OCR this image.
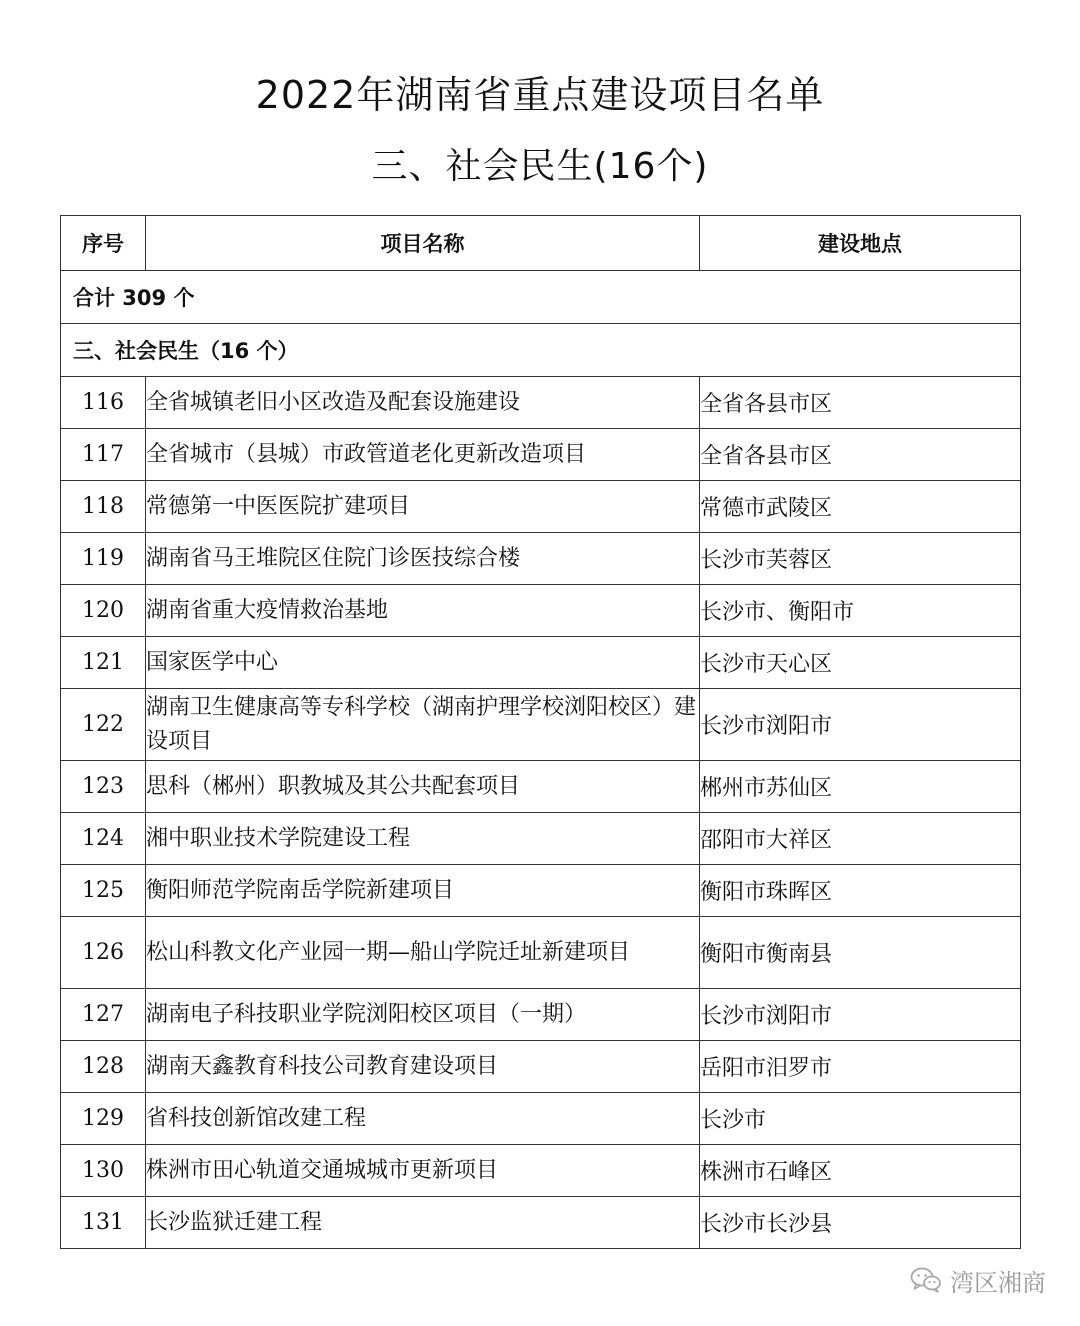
2022年湖南省重点建设项目名单
三、社会民生(16个)
序号	项目名称	建设地点
合计 309 个		
三、社会民生（16 个）		
116	全省城镇老旧小区改造及配套设施建设	全省各县市区
117	全省城市（县城）市政管道老化更新改造项目	全省各县市区
118	常德第一中医医院扩建项目	常德市武陵区
119	湖南省马王堆院区住院门诊医技综合楼	长沙市芙蓉区
120	湖南省重大疫情救治基地	长沙市、衡阳市
121	国家医学中心	长沙市天心区
122	湖南卫生健康高等专科学校（湖南护理学校浏阳校区）建设项目	长沙市浏阳市
123	思科（郴州）职教城及其公共配套项目	郴州市苏仙区
124	湘中职业技术学院建设工程	邵阳市大祥区
125	衡阳师范学院南岳学院新建项目	衡阳市珠晖区
126	松山科教文化产业园一期—船山学院迁址新建项目	衡阳市衡南县
127	湖南电子科技职业学院浏阳校区项目（一期）	长沙市浏阳市
128	湖南天鑫教育科技公司教育建设项目	岳阳市汨罗市
129	省科技创新馆改建工程	长沙市
130	株洲市田心轨道交通城城市更新项目	株洲市石峰区
131	长沙监狱迁建工程	长沙市长沙县
湾区湘商
